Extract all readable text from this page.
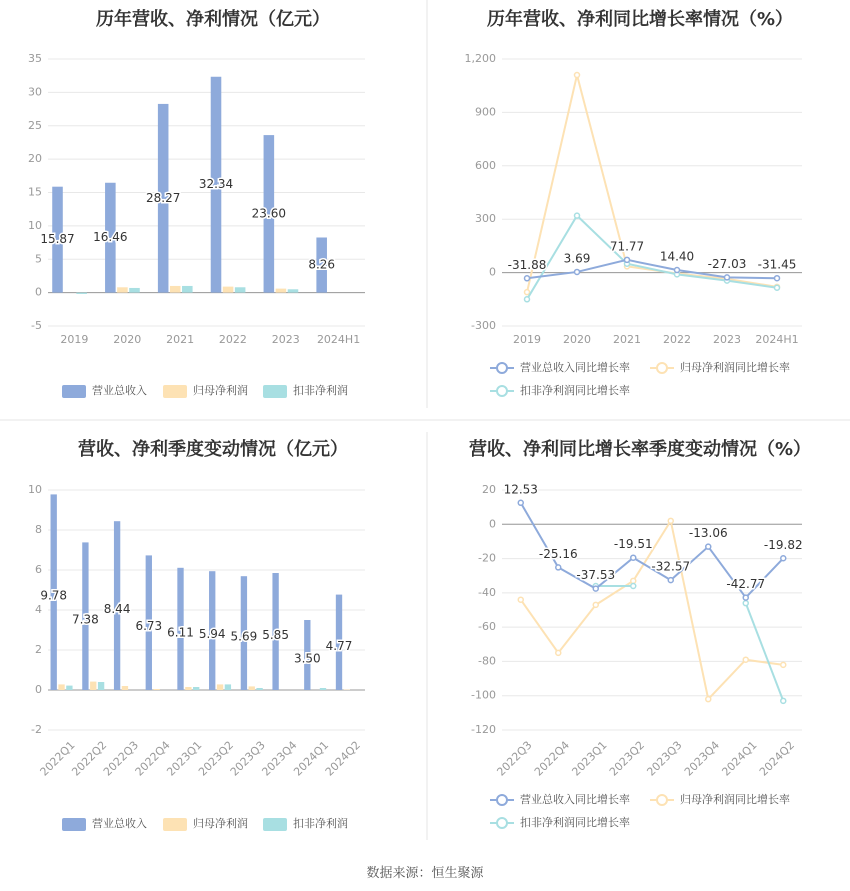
历年营收、净利情况（亿元）
-5
0
5
10
15
20
25
30
35
2019 2020 2021 2022 2023 2024H1
15.87 16.46
28.27
32.34
23.60
8.26
营业总收入	归母净利润	扣非净利润
历年营收、净利同比增长率情况（%）
-300
0
300
600
900
1,200
2019 2020 2021 2022 2023 2024H1
-31.88 3.69
71.77
14.40
-27.03 -31.45
营业总收入同比增长率	归母净利润同比增长率
扣非净利润同比增长率
营收、净利季度变动情况（亿元）
-2
0
2
4
6
8
10
2022Q1
2022Q2
2022Q3
2022Q4
2023Q1
2023Q2
2023Q3
2023Q4
2024Q1
2024Q2
9.78
7.38
8.44
6.73 6.11 5.94 5.69 5.85
3.50
4.77
营业总收入	归母净利润	扣非净利润
营收、净利同比增长率季度变动情况（%）
-120
-100
-80
-60
-40
-20
0
20
2022Q3
2022Q4
2023Q1
2023Q2
2023Q3
2023Q4
2024Q1
2024Q2
12.53
-25.16
-37.53
-19.51
-32.57
-13.06
-42.77
-19.82
营业总收入同比增长率	归母净利润同比增长率
扣非净利润同比增长率
数据来源：恒生聚源
